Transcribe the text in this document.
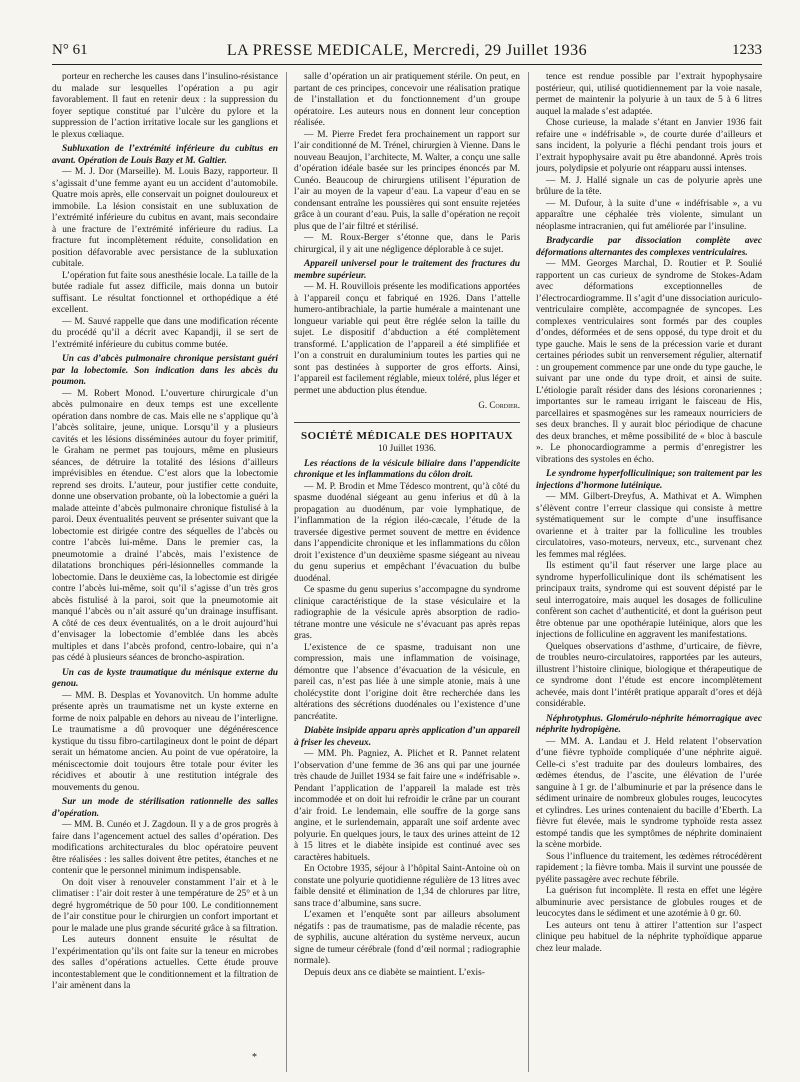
N° 61	LA PRESSE MEDICALE, Mercredi, 29 Juillet 1936	1233

porteur en recherche les causes dans l’insulino-résistance du malade sur lesquelles l’opération a pu agir favorablement. Il faut en retenir deux : la suppression du foyer septique constitué par l’ulcère du pylore et la suppression de l’action irritative locale sur les ganglions et le plexus cœliaque.

Subluxation de l’extrémité inférieure du cubitus en avant. Opération de Louis Bazy et M. Galtier.

— M. J. Dor (Marseille). M. Louis Bazy, rapporteur. Il s’agissait d’une femme ayant eu un accident d’automobile. Quatre mois après, elle conservait un poignet douloureux et immobile. La lésion consistait en une subluxation de l’extrémité inférieure du cubitus en avant, mais secondaire à une fracture de l’extrémité inférieure du radius. La fracture fut incomplètement réduite, consolidation en position défavorable avec persistance de la subluxation cubitale.

L’opération fut faite sous anesthésie locale. La taille de la butée radiale fut assez difficile, mais donna un butoir suffisant. Le résultat fonctionnel et orthopédique a été excellent.

— M. Sauvé rappelle que dans une modification récente du procédé qu’il a décrit avec Kapandji, il se sert de l’extrémité inférieure du cubitus comme butée.

Un cas d’abcès pulmonaire chronique persistant guéri par la lobectomie. Son indication dans les abcès du poumon.

— M. Robert Monod. L’ouverture chirurgicale d’un abcès pulmonaire en deux temps est une excellente opération dans nombre de cas. Mais elle ne s’applique qu’à l’abcès solitaire, jeune, unique. Lorsqu’il y a plusieurs cavités et les lésions disséminées autour du foyer primitif, le Graham ne permet pas toujours, même en plusieurs séances, de détruire la totalité des lésions d’ailleurs imprévisibles en étendue. C’est alors que la lobectomie reprend ses droits. L’auteur, pour justifier cette conduite, donne une observation probante, où la lobectomie a guéri la malade atteinte d’abcès pulmonaire chronique fistulisé à la paroi. Deux éventualités peuvent se présenter suivant que la lobectomie est dirigée contre des séquelles de l’abcès ou contre l’abcès lui-même. Dans le premier cas, la pneumotomie a drainé l’abcès, mais l’existence de dilatations bronchiques péri-lésionnelles commande la lobectomie. Dans le deuxième cas, la lobectomie est dirigée contre l’abcès lui-même, soit qu’il s’agisse d’un très gros abcès fistulisé à la paroi, soit que la pneumotomie ait manqué l’abcès ou n’ait assuré qu’un drainage insuffisant. A côté de ces deux éventualités, on a le droit aujourd’hui d’envisager la lobectomie d’emblée dans les abcès multiples et dans l’abcès profond, centro-lobaire, qui n’a pas cédé à plusieurs séances de broncho-aspiration.

Un cas de kyste traumatique du ménisque externe du genou.

— MM. B. Desplas et Yovanovitch. Un homme adulte présente après un traumatisme net un kyste externe en forme de noix palpable en dehors au niveau de l’interligne. Le traumatisme a dû provoquer une dégénérescence kystique du tissu fibro-cartilagineux dont le point de départ serait un hématome ancien. Au point de vue opératoire, la méniscectomie doit toujours être totale pour éviter les récidives et aboutir à une restitution intégrale des mouvements du genou.

Sur un mode de stérilisation rationnelle des salles d’opération.

— MM. B. Cunéo et J. Zagdoun. Il y a de gros progrès à faire dans l’agencement actuel des salles d’opération. Des modifications architecturales du bloc opératoire peuvent être réalisées : les salles doivent être petites, étanches et ne contenir que le personnel minimum indispensable.

On doit viser à renouveler constamment l’air et à le climatiser : l’air doit rester à une température de 25° et à un degré hygrométrique de 50 pour 100. Le conditionnement de l’air constitue pour le chirurgien un confort important et pour le malade une plus grande sécurité grâce à sa filtration.

Les auteurs donnent ensuite le résultat de l’expérimentation qu’ils ont faite sur la teneur en microbes des salles d’opérations actuelles. Cette étude prouve incontestablement que le conditionnement et la filtration de l’air amènent dans la

salle d’opération un air pratiquement stérile. On peut, en partant de ces principes, concevoir une réalisation pratique de l’installation et du fonctionnement d’un groupe opératoire. Les auteurs nous en donnent leur conception réalisée.

— M. Pierre Fredet fera prochainement un rapport sur l’air conditionné de M. Trénel, chirurgien à Vienne. Dans le nouveau Beaujon, l’architecte, M. Walter, a conçu une salle d’opération idéale basée sur les principes énoncés par M. Cunéo. Beaucoup de chirurgiens utilisent l’épuration de l’air au moyen de la vapeur d’eau. La vapeur d’eau en se condensant entraîne les poussières qui sont ensuite rejetées grâce à un courant d’eau. Puis, la salle d’opération ne reçoit plus que de l’air filtré et stérilisé.

— M. Roux-Berger s’étonne que, dans le Paris chirurgical, il y ait une négligence déplorable à ce sujet.

Appareil universel pour le traitement des fractures du membre supérieur.

— M. H. Rouvillois présente les modifications apportées à l’appareil conçu et fabriqué en 1926. Dans l’attelle humero-antibrachiale, la partie humérale a maintenant une longueur variable qui peut être réglée selon la taille du sujet. Le dispositif d’abduction a été complètement transformé. L’application de l’appareil a été simplifiée et l’on a construit en duraluminium toutes les parties qui ne sont pas destinées à supporter de gros efforts. Ainsi, l’appareil est facilement réglable, mieux toléré, plus léger et permet une abduction plus étendue.

G. Cordier.

SOCIÉTÉ MÉDICALE DES HOPITAUX

10 Juillet 1936.

Les réactions de la vésicule biliaire dans l’appendicite chronique et les inflammations du côlon droit.

— M. P. Brodin et Mme Tédesco montrent, qu’à côté du spasme duodénal siégeant au genu inferius et dû à la propagation au duodénum, par voie lymphatique, de l’inflammation de la région iléo-cæcale, l’étude de la traversée digestive permet souvent de mettre en évidence dans l’appendicite chronique et les inflammations du côlon droit l’existence d’un deuxième spasme siégeant au niveau du genu superius et empêchant l’évacuation du bulbe duodénal.

Ce spasme du genu superius s’accompagne du syndrome clinique caractéristique de la stase vésiculaire et la radiographie de la vésicule après absorption de radio-tétrane montre une vésicule ne s’évacuant pas après repas gras.

L’existence de ce spasme, traduisant non une compression, mais une inflammation de voisinage, démontre que l’absence d’évacuation de la vésicule, en pareil cas, n’est pas liée à une simple atonie, mais à une cholécystite dont l’origine doit être recherchée dans les altérations des sécrétions duodénales ou l’existence d’une pancréatite.

Diabète insipide apparu après application d’un appareil à friser les cheveux.

— MM. Ph. Pagniez, A. Plichet et R. Pannet relatent l’observation d’une femme de 36 ans qui par une journée très chaude de Juillet 1934 se fait faire une « indéfrisable ». Pendant l’application de l’appareil la malade est très incommodée et on doit lui refroidir le crâne par un courant d’air froid. Le lendemain, elle souffre de la gorge sans angine, et le surlendemain, apparaît une soif ardente avec polyurie. En quelques jours, le taux des urines atteint de 12 à 15 litres et le diabète insipide est continué avec ses caractères habituels.

En Octobre 1935, séjour à l’hôpital Saint-Antoine où on constate une polyurie quotidienne régulière de 13 litres avec faible densité et élimination de 1,34 de chlorures par litre, sans trace d’albumine, sans sucre.

L’examen et l’enquête sont par ailleurs absolument négatifs : pas de traumatisme, pas de maladie récente, pas de syphilis, aucune altération du système nerveux, aucun signe de tumeur cérébrale (fond d’œil normal ; radiographie normale).

Depuis deux ans ce diabète se maintient. L’exis-

tence est rendue possible par l’extrait hypophysaire postérieur, qui, utilisé quotidiennement par la voie nasale, permet de maintenir la polyurie à un taux de 5 à 6 litres auquel la malade s’est adaptée.

Chose curieuse, la malade s’étant en Janvier 1936 fait refaire une « indéfrisable », de courte durée d’ailleurs et sans incident, la polyurie a fléchi pendant trois jours et l’extrait hypophysaire avait pu être abandonné. Après trois jours, polydipsie et polyurie ont réapparu aussi intenses.

— M. J. Hallé signale un cas de polyurie après une brûlure de la tête.

— M. Dufour, à la suite d’une « indéfrisable », a vu apparaître une céphalée très violente, simulant un néoplasme intracranien, qui fut améliorée par l’insuline.

Bradycardie par dissociation complète avec déformations alternantes des complexes ventriculaires.

— MM. Georges Marchal, D. Routier et P. Soulié rapportent un cas curieux de syndrome de Stokes-Adam avec déformations exceptionnelles de l’électrocardiogramme. Il s’agit d’une dissociation auriculo-ventriculaire complète, accompagnée de syncopes. Les complexes ventriculaires sont formés par des couples d’ondes, déformées et de sens opposé, du type droit et du type gauche. Mais le sens de la précession varie et durant certaines périodes subit un renversement régulier, alternatif : un groupement commence par une onde du type gauche, le suivant par une onde du type droit, et ainsi de suite. L’étiologie paraît résider dans des lésions coronariennes ; importantes sur le rameau irrigant le faisceau de His, parcellaires et spasmogènes sur les rameaux nourriciers de ses deux branches. Il y aurait bloc périodique de chacune des deux branches, et même possibilité de « bloc à bascule ». Le phonocardiogramme a permis d’enregistrer les vibrations des systoles en écho.

Le syndrome hyperfolliculinique; son traitement par les injections d’hormone lutéinique.

— MM. Gilbert-Dreyfus, A. Mathivat et A. Wimphen s’élèvent contre l’erreur classique qui consiste à mettre systématiquement sur le compte d’une insuffisance ovarienne et à traiter par la folliculine les troubles circulatoires, vaso-moteurs, nerveux, etc., survenant chez les femmes mal réglées.

Ils estiment qu’il faut réserver une large place au syndrome hyperfolliculinique dont ils schématisent les principaux traits, syndrome qui est souvent dépisté par le seul interrogatoire, mais auquel les dosages de folliculine confèrent son cachet d’authenticité, et dont la guérison peut être obtenue par une opothérapie lutéinique, alors que les injections de folliculine en aggravent les manifestations.

Quelques observations d’asthme, d’urticaire, de fièvre, de troubles neuro-circulatoires, rapportées par les auteurs, illustrent l’histoire clinique, biologique et thérapeutique de ce syndrome dont l’étude est encore incomplètement achevée, mais dont l’intérêt pratique apparaît d’ores et déjà considérable.

Néphrotyphus. Glomérulo-néphrite hémorragique avec néphrite hydropigène.

— MM. A. Landau et J. Held relatent l’observation d’une fièvre typhoïde compliquée d’une néphrite aiguë. Celle-ci s’est traduite par des douleurs lombaires, des œdèmes étendus, de l’ascite, une élévation de l’urée sanguine à 1 gr. de l’albuminurie et par la présence dans le sédiment urinaire de nombreux globules rouges, leucocytes et cylindres. Les urines contenaient du bacille d’Eberth. La fièvre fut élevée, mais le syndrome typhoïde resta assez estompé tandis que les symptômes de néphrite dominaient la scène morbide.

Sous l’influence du traitement, les œdèmes rétrocédèrent rapidement ; la fièvre tomba. Mais il survint une poussée de pyélite passagère avec rechute fébrile.

La guérison fut incomplète. Il resta en effet une légère albuminurie avec persistance de globules rouges et de leucocytes dans le sédiment et une azotémie à 0 gr. 60.

Les auteurs ont tenu à attirer l’attention sur l’aspect clinique peu habituel de la néphrite typhoïdique apparue chez leur malade.

*
